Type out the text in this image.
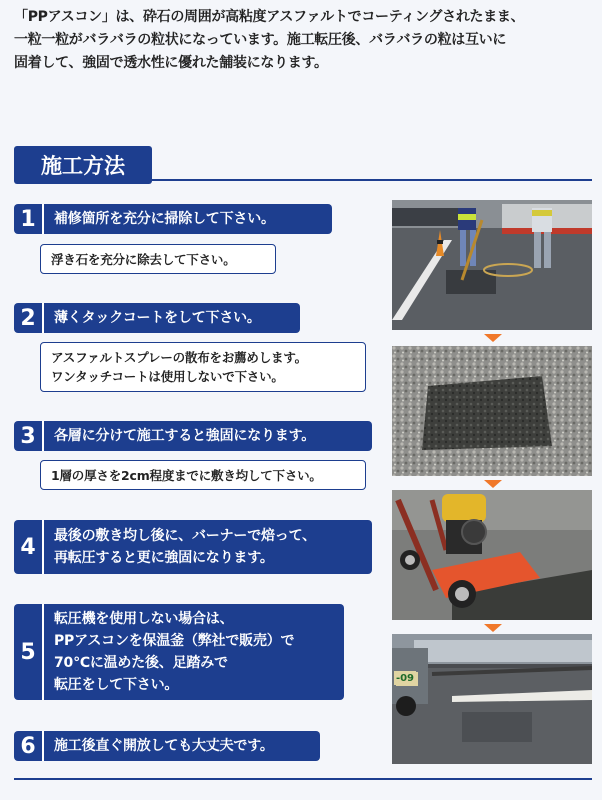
「PPアスコン」は、砕石の周囲が高粘度アスファルトでコーティングされたまま、
一粒一粒がバラバラの粒状になっています。施工転圧後、バラバラの粒は互いに
固着して、強固で透水性に優れた舗装になります。
施工方法
1	補修箇所を充分に掃除して下さい。
浮き石を充分に除去して下さい。
2	薄くタックコートをして下さい。
アスファルトスプレーの散布をお薦めします。
ワンタッチコートは使用しないで下さい。
3	各層に分けて施工すると強固になります。
1層の厚さを2cm程度までに敷き均して下さい。
4	最後の敷き均し後に、バーナーで焙って、
再転圧すると更に強固になります。
5
転圧機を使用しない場合は、
PPアスコンを保温釜（弊社で販売）で
70℃に温めた後、足踏みで
転圧をして下さい。
6	施工後直ぐ開放しても大丈夫です。
-09
